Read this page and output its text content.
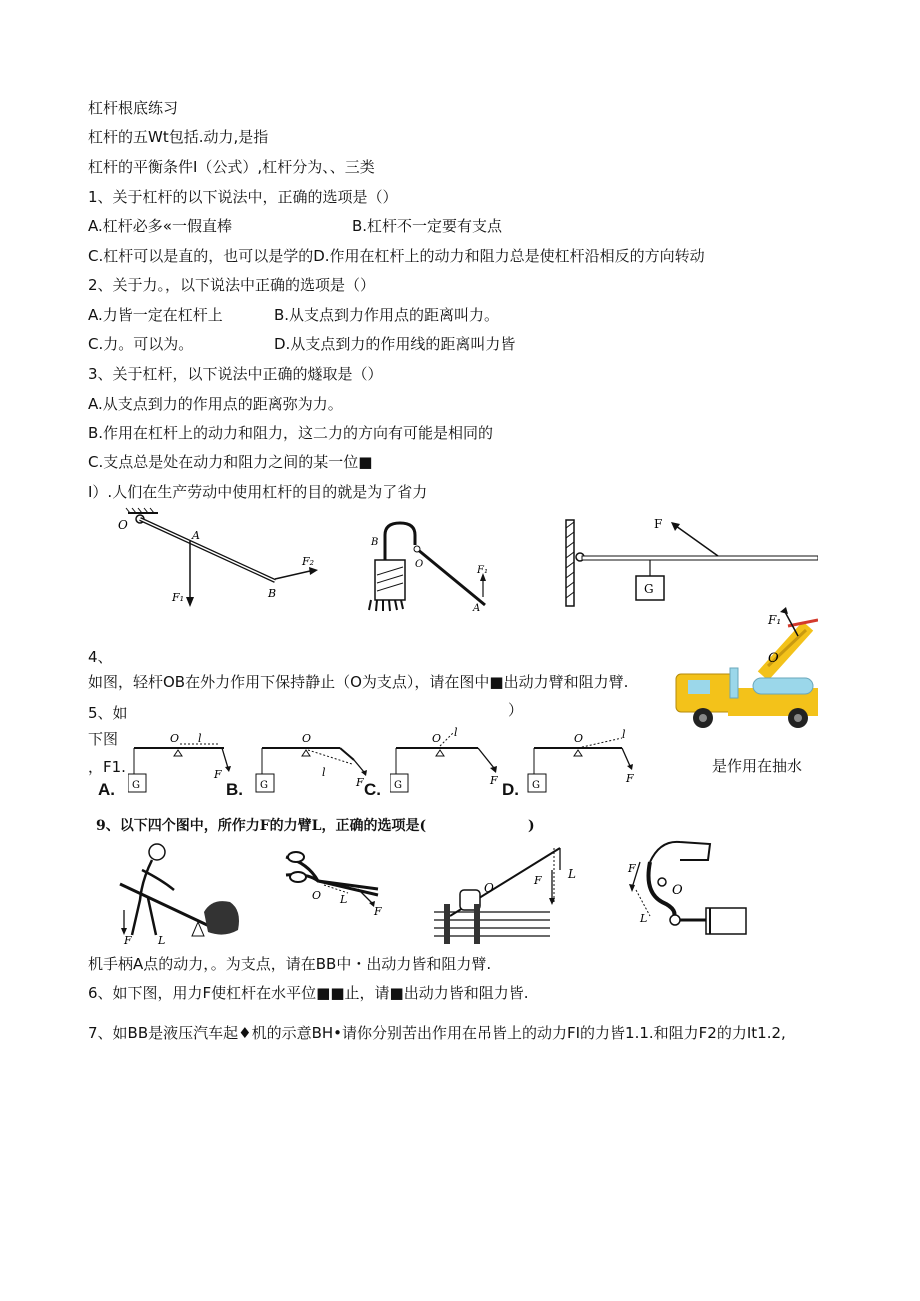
杠杆根底练习
杠杆的五Wt包括.动力,是指
杠杆的平衡条件I（公式）,杠杆分为、、三类
1、关于杠杆的以下说法中，正确的选项是（）
A.杠杆必多«一假直棒	B.杠杆不一定要有支点
C.杠杆可以是直的，也可以是学的D.作用在杠杆上的动力和阻力总是使杠杆沿相反的方向转动
2、关于力。，以下说法中正确的选项是（）
A.力皆一定在杠杆上	B.从支点到力作用点的距离叫力。
C.力。可以为。	D.从支点到力的作用线的距离叫力皆
3、关于杠杆，以下说法中正确的燧取是（）
A.从支点到力的作用点的距离弥为力。
B.作用在杠杆上的动力和阻力，这二力的方向有可能是相同的
C.支点总是处在动力和阻力之间的某一位■
I）.人们在生产劳动中使用杠杆的目的就是为了省力
O
A
B
F₁
F₂
B
O
A
F₁
F
G
F₁
O
4、
如图，轻杆OB在外力作用下保持静止（O为支点），请在图中■出动力臂和阻力臂.
5、如	）
下图
，F1.	是作用在抽水
O l
F
G
O
l
F
G
O l
F
G
O	l
F
G
A.	B.	C.	D.
9、以下四个图中，所作力F的力臂L，正确的选项是(	)
F L
O L
F
O
F L	F
O
L
机手柄A点的动力，。为支点，请在BB中・出动力皆和阻力臂.
6、如下图，用力F使杠杆在水平位■■止，请■出动力皆和阻力皆.
7、如BB是液压汽车起♦机的示意BH•请你分别苦出作用在吊皆上的动力FI的力皆1.1.和阻力F2的力It1.2,
